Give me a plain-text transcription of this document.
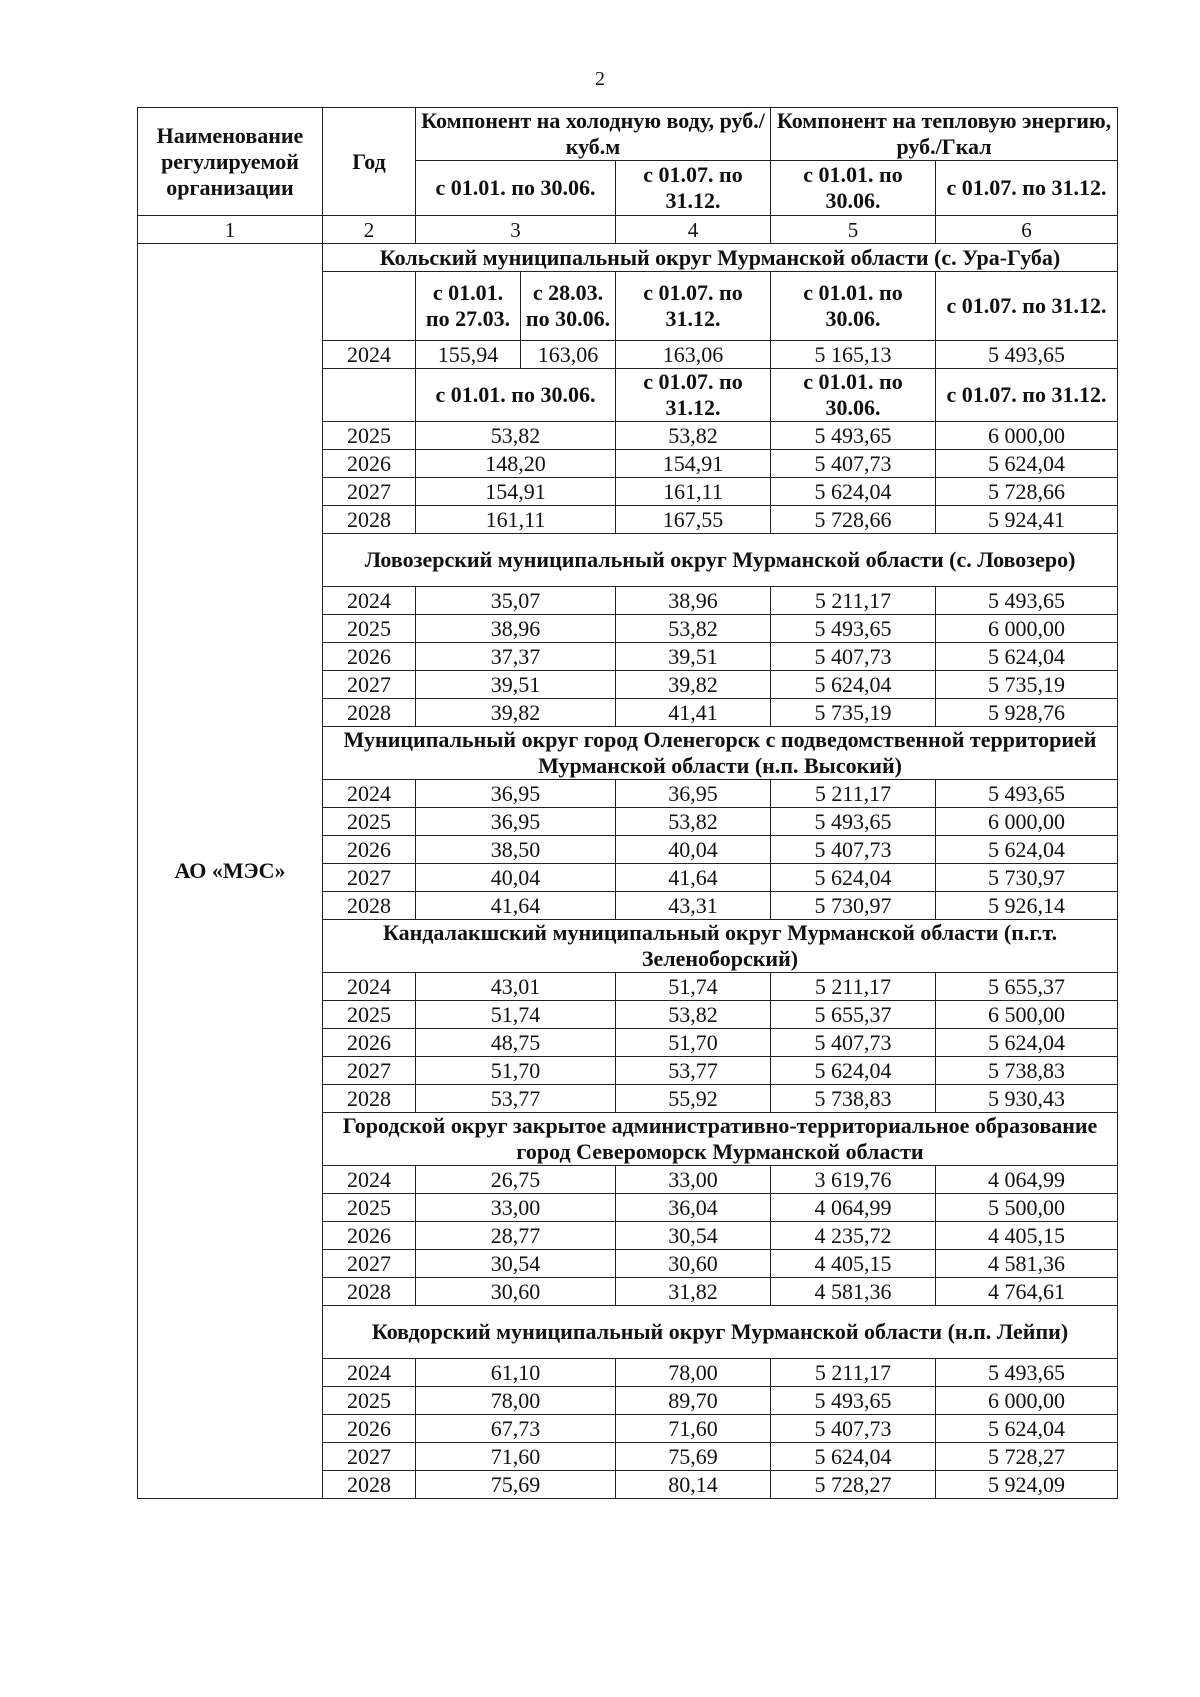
2
Наименование регулируемой организации	Год	Компонент на холодную воду, руб./куб.м			Компонент на тепловую энергию, руб./Гкал	
		с 01.01. по 30.06.		с 01.07. по 31.12.	с 01.01. по 30.06.	с 01.07. по 31.12.
1	2	3		4	5	6
АО «МЭС»	Кольский муниципальный округ Мурманской области (с. Ура-Губа)					
		с 01.01. по 27.03.	с 28.03. по 30.06.	с 01.07. по 31.12.	с 01.01. по 30.06.	с 01.07. по 31.12.
	2024	155,94	163,06	163,06	5 165,13	5 493,65
		с 01.01. по 30.06.		с 01.07. по 31.12.	с 01.01. по 30.06.	с 01.07. по 31.12.
	2025	53,82		53,82	5 493,65	6 000,00
	2026	148,20		154,91	5 407,73	5 624,04
	2027	154,91		161,11	5 624,04	5 728,66
	2028	161,11		167,55	5 728,66	5 924,41
	Ловозерский муниципальный округ Мурманской области (с. Ловозеро)					
	2024	35,07		38,96	5 211,17	5 493,65
	2025	38,96		53,82	5 493,65	6 000,00
	2026	37,37		39,51	5 407,73	5 624,04
	2027	39,51		39,82	5 624,04	5 735,19
	2028	39,82		41,41	5 735,19	5 928,76
	Муниципальный округ город Оленегорск с подведомственной территорией Мурманской области (н.п. Высокий)					
	2024	36,95		36,95	5 211,17	5 493,65
	2025	36,95		53,82	5 493,65	6 000,00
	2026	38,50		40,04	5 407,73	5 624,04
	2027	40,04		41,64	5 624,04	5 730,97
	2028	41,64		43,31	5 730,97	5 926,14
	Кандалакшский муниципальный округ Мурманской области (п.г.т. Зеленоборский)					
	2024	43,01		51,74	5 211,17	5 655,37
	2025	51,74		53,82	5 655,37	6 500,00
	2026	48,75		51,70	5 407,73	5 624,04
	2027	51,70		53,77	5 624,04	5 738,83
	2028	53,77		55,92	5 738,83	5 930,43
	Городской округ закрытое административно-территориальное образование город Североморск Мурманской области					
	2024	26,75		33,00	3 619,76	4 064,99
	2025	33,00		36,04	4 064,99	5 500,00
	2026	28,77		30,54	4 235,72	4 405,15
	2027	30,54		30,60	4 405,15	4 581,36
	2028	30,60		31,82	4 581,36	4 764,61
	Ковдорский муниципальный округ Мурманской области (н.п. Лейпи)					
	2024	61,10		78,00	5 211,17	5 493,65
	2025	78,00		89,70	5 493,65	6 000,00
	2026	67,73		71,60	5 407,73	5 624,04
	2027	71,60		75,69	5 624,04	5 728,27
	2028	75,69		80,14	5 728,27	5 924,09
